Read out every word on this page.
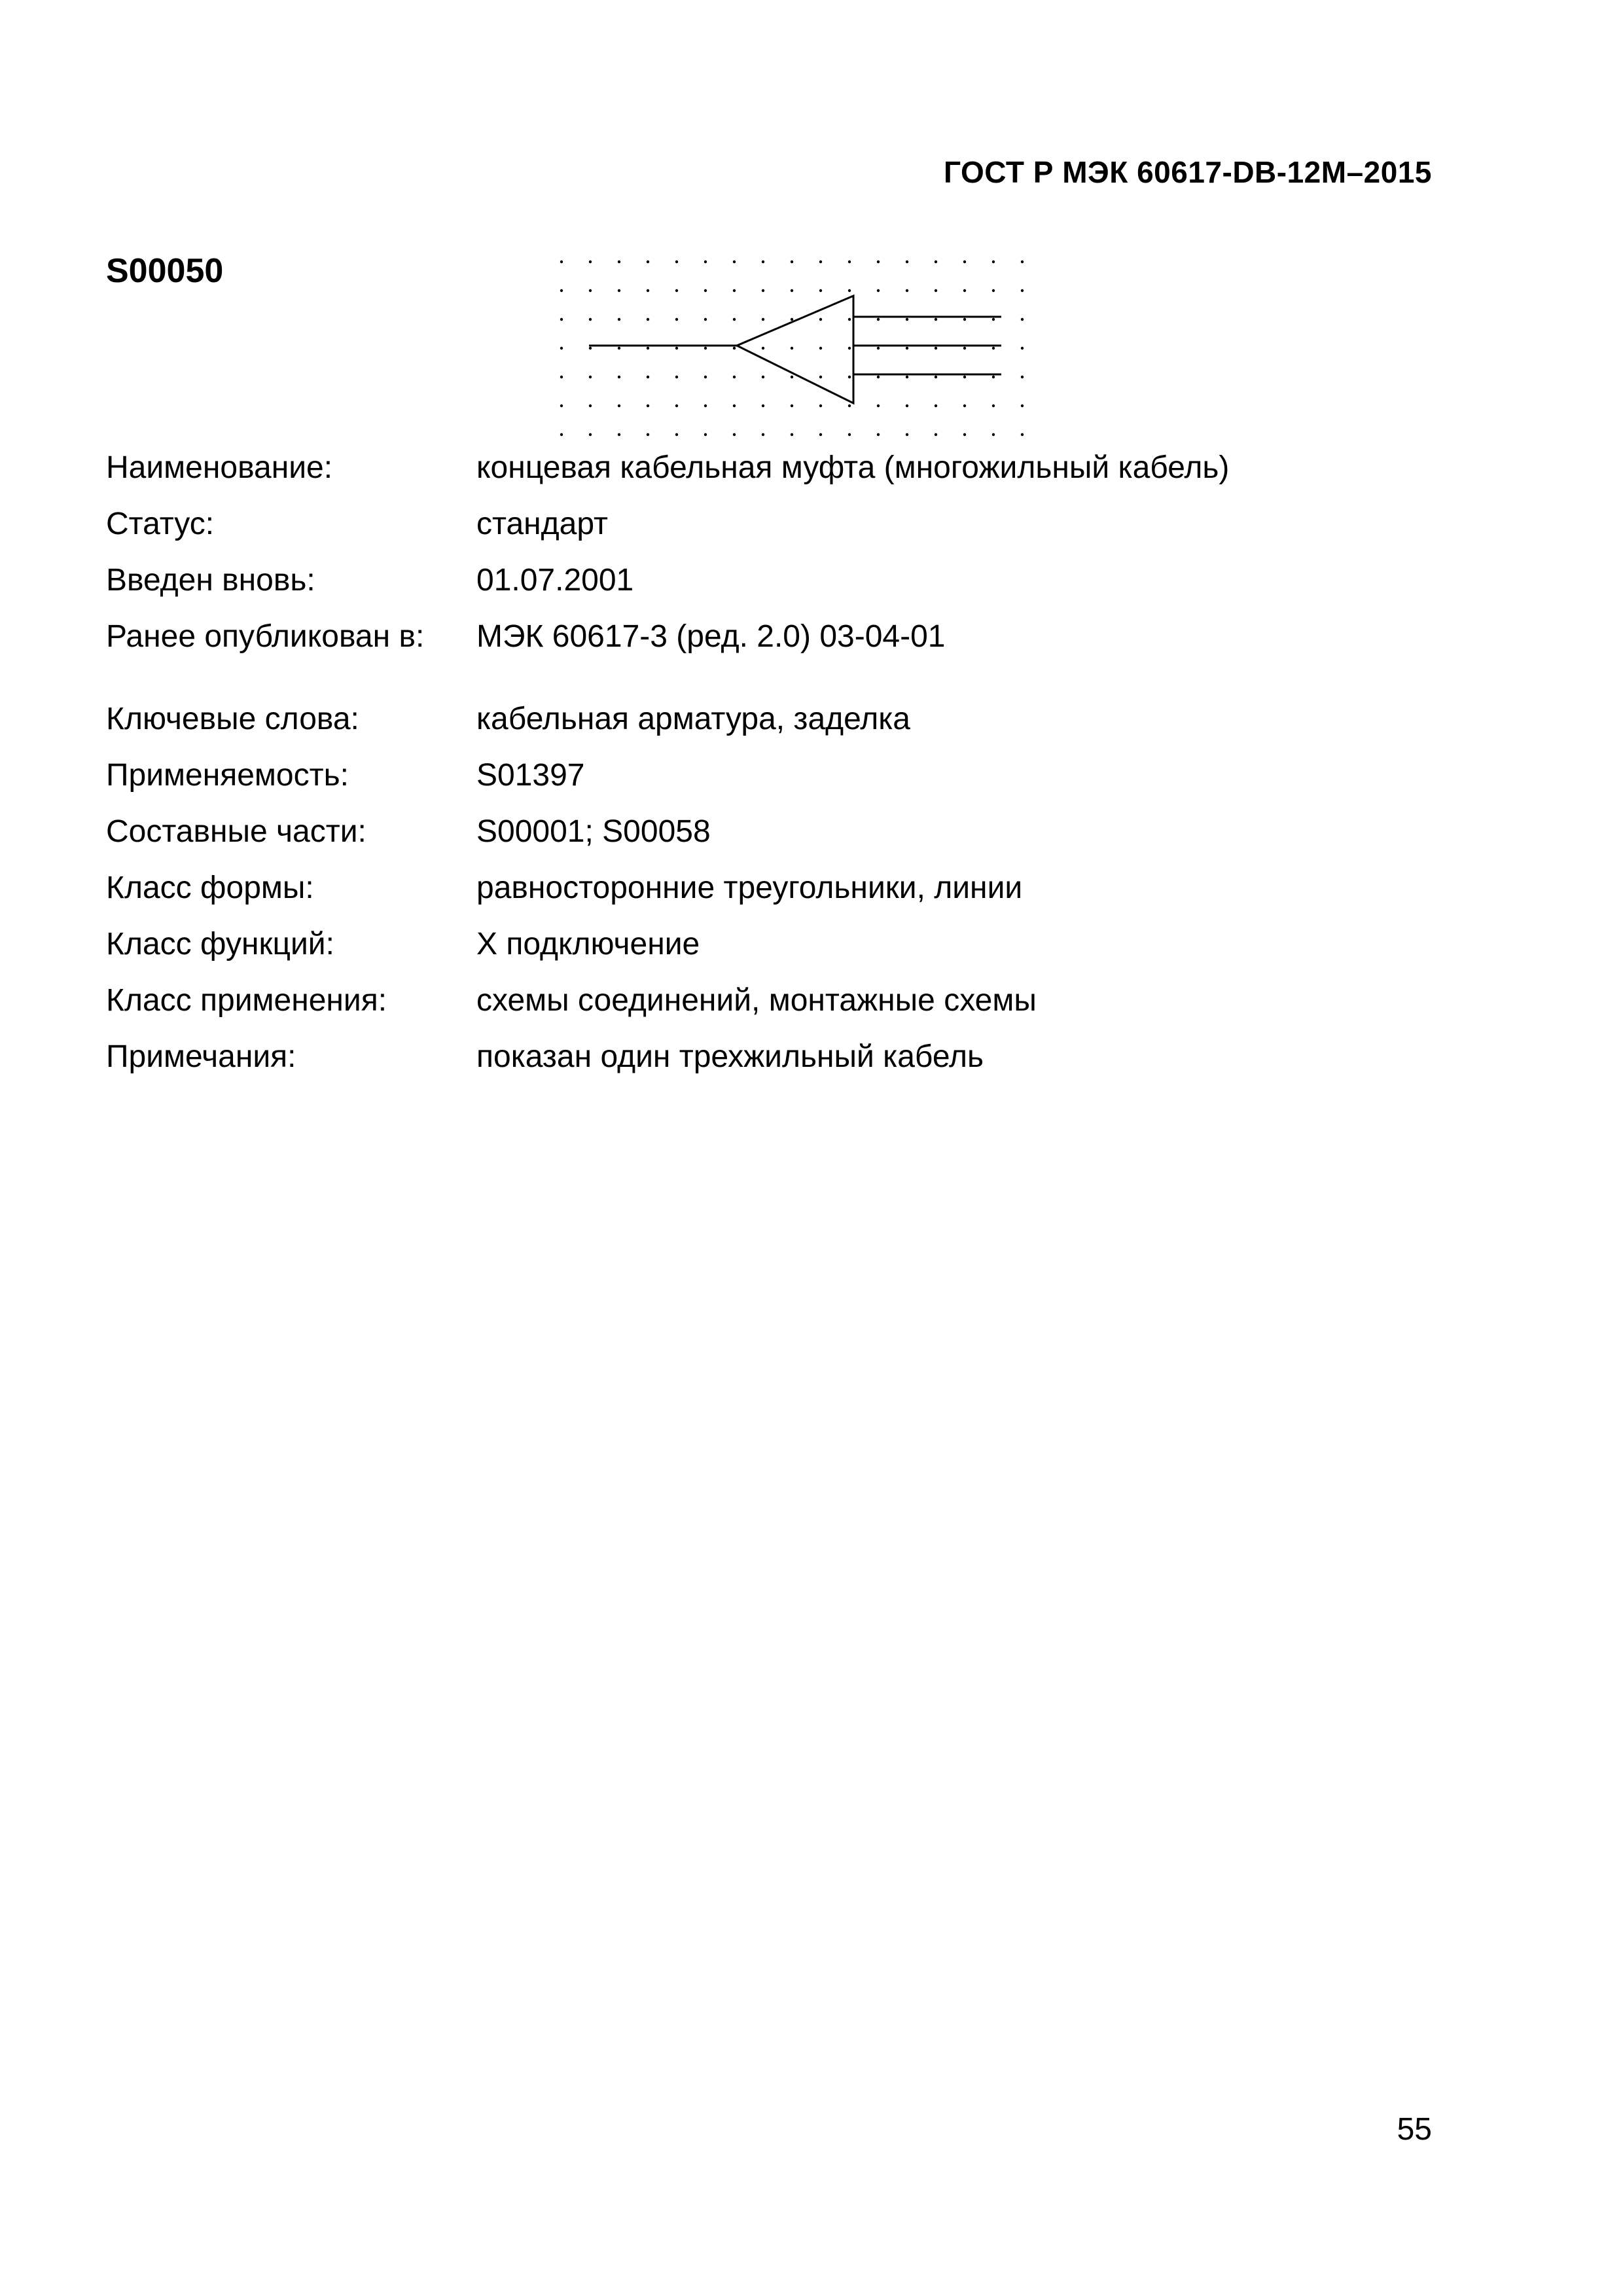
ГОСТ Р МЭК 60617-DB-12M–2015
S00050
Наименование:	концевая кабельная муфта (многожильный кабель)
Статус:	стандарт
Введен вновь:	01.07.2001
Ранее опубликован в: МЭК 60617-3 (ред. 2.0) 03-04-01
Ключевые слова:	кабельная арматура, заделка
Применяемость:	S01397
Составные части:	S00001; S00058
Класс формы:	равносторонние треугольники, линии
Класс функций:	X подключение
Класс применения:	схемы соединений, монтажные схемы
Примечания:	показан один трехжильный кабель
55
